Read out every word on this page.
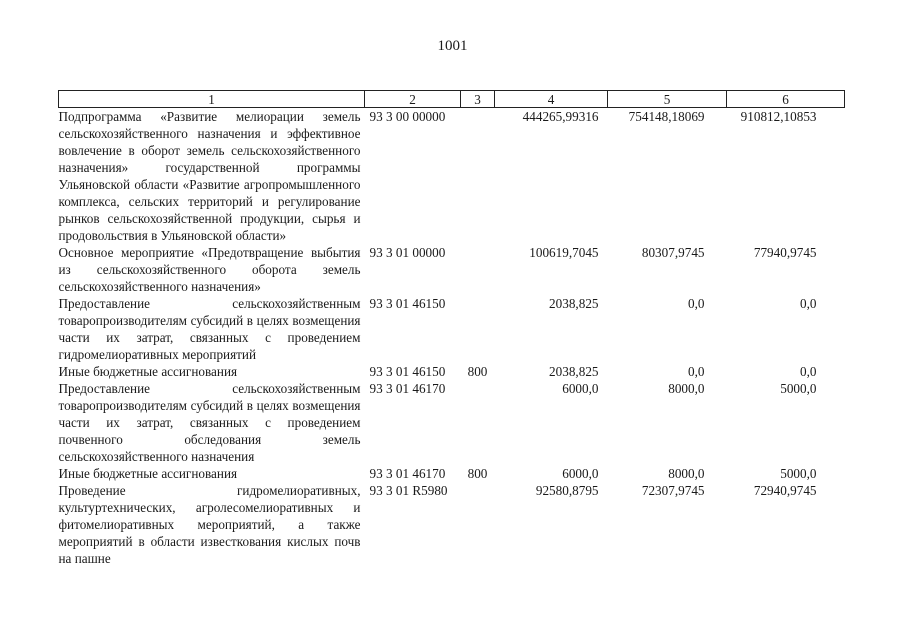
1001
1	2	3	4	5	6
Подпрограмма «Развитие мелиорации земель сельскохозяйственного назначения и эффективное вовлечение в оборот земель сельскохозяйственного назначения» государственной программы Ульяновской области «Развитие агропромышленного комплекса, сельских территорий и регулирование рынков сельскохозяйственной продукции, сырья и продовольствия в Ульяновской области»	93 3 00 00000		444265,99316	754148,18069	910812,10853
Основное мероприятие «Предотвращение выбытия из сельскохозяйственного оборота земель сельскохозяйственного назначения»	93 3 01 00000		100619,7045	80307,9745	77940,9745
Предоставление сельскохозяйственным товаропроизводителям субсидий в целях возмещения части их затрат, связанных с проведением гидромелиоративных мероприятий	93 3 01 46150		2038,825	0,0	0,0
Иные бюджетные ассигнования	93 3 01 46150	800	2038,825	0,0	0,0
Предоставление сельскохозяйственным товаропроизводителям субсидий в целях возмещения части их затрат, связанных с проведением почвенного обследования земель сельскохозяйственного назначения	93 3 01 46170		6000,0	8000,0	5000,0
Иные бюджетные ассигнования	93 3 01 46170	800	6000,0	8000,0	5000,0
Проведение гидромелиоративных, культуртехнических, агролесомелиоративных и фитомелиоративных мероприятий, а также мероприятий в области известкования кислых почв на пашне	93 3 01 R5980		92580,8795	72307,9745	72940,9745
